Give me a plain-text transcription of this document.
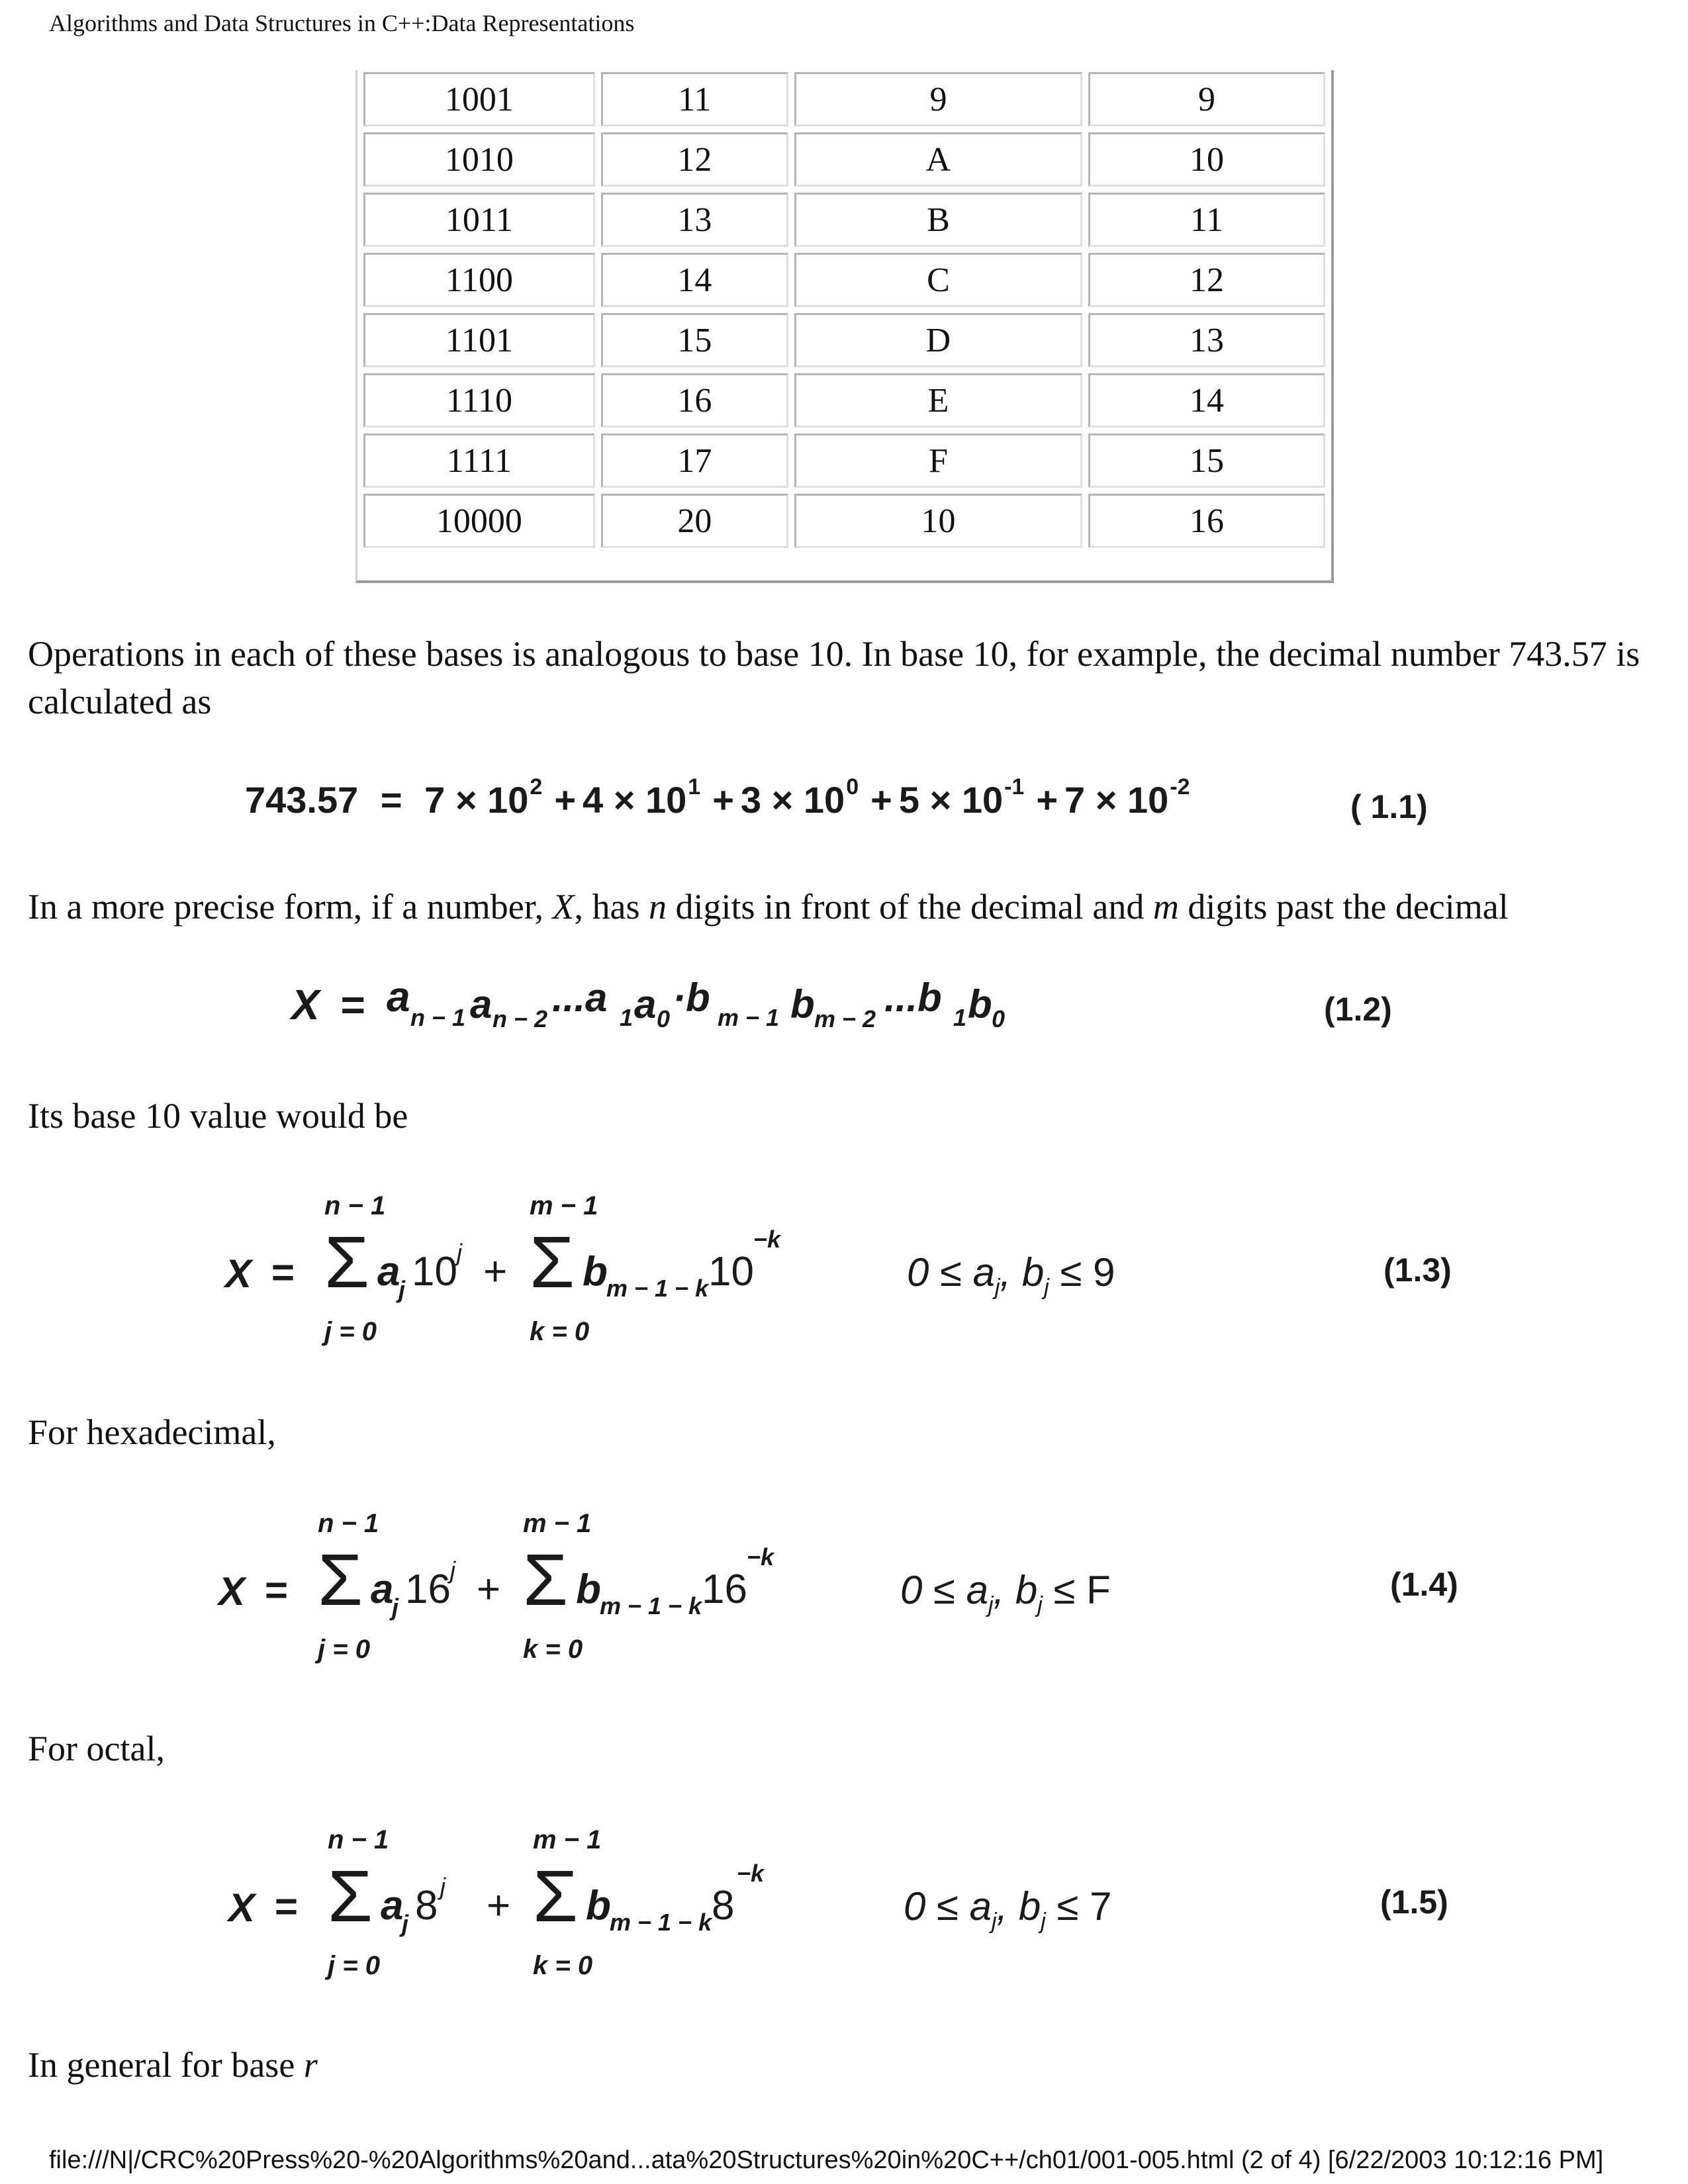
Algorithms and Data Structures in C++:Data Representations
1001	11	9	9
1010	12	A	10
1011	13	B	11
1100	14	C	12
1101	15	D	13
1110	16	E	14
1111	17	F	15
10000	20	10	16
Operations in each of these bases is analogous to base 10. In base 10, for example, the decimal number 743.57 is calculated as
$743.57 = 7 \times 10^2 + 4 \times 10^1 + 3 \times 10^0 + 5 \times 10^{-1} + 7 \times 10^{-2}$
( 1.1)
In a more precise form, if a number, X, has n digits in front of the decimal and m digits past the decimal
X = a n − 1 a n − 2 ...a 1 a 0 ·b m − 1 b m − 2 ...b 1 b 0	(1.2)
Its base 10 value would be
X =
n − 1
Σ
j = 0
a
j 10 j +
m − 1
Σ
k = 0
b
m − 1 − k 10
−k
$0 \le a_j$, $b_j \le 9$	(1.3)
For hexadecimal,
X =
n − 1
Σ
j = 0
a
j 16 j +
m − 1
Σ
k = 0
b
m − 1 − k 16
−k
$0 \le a_j$, $b_j \le F$	(1.4)
For octal,
X =
n − 1
Σ
j = 0
a
j 8 j +
m − 1
Σ
k = 0
b
m − 1 − k 8
−k
$0 \le a_j$, $b_j \le 7$	(1.5)
In general for base r
file:///N|/CRC%20Press%20-%20Algorithms%20and...ata%20Structures%20in%20C++/ch01/001-005.html (2 of 4) [6/22/2003 10:12:16 PM]
